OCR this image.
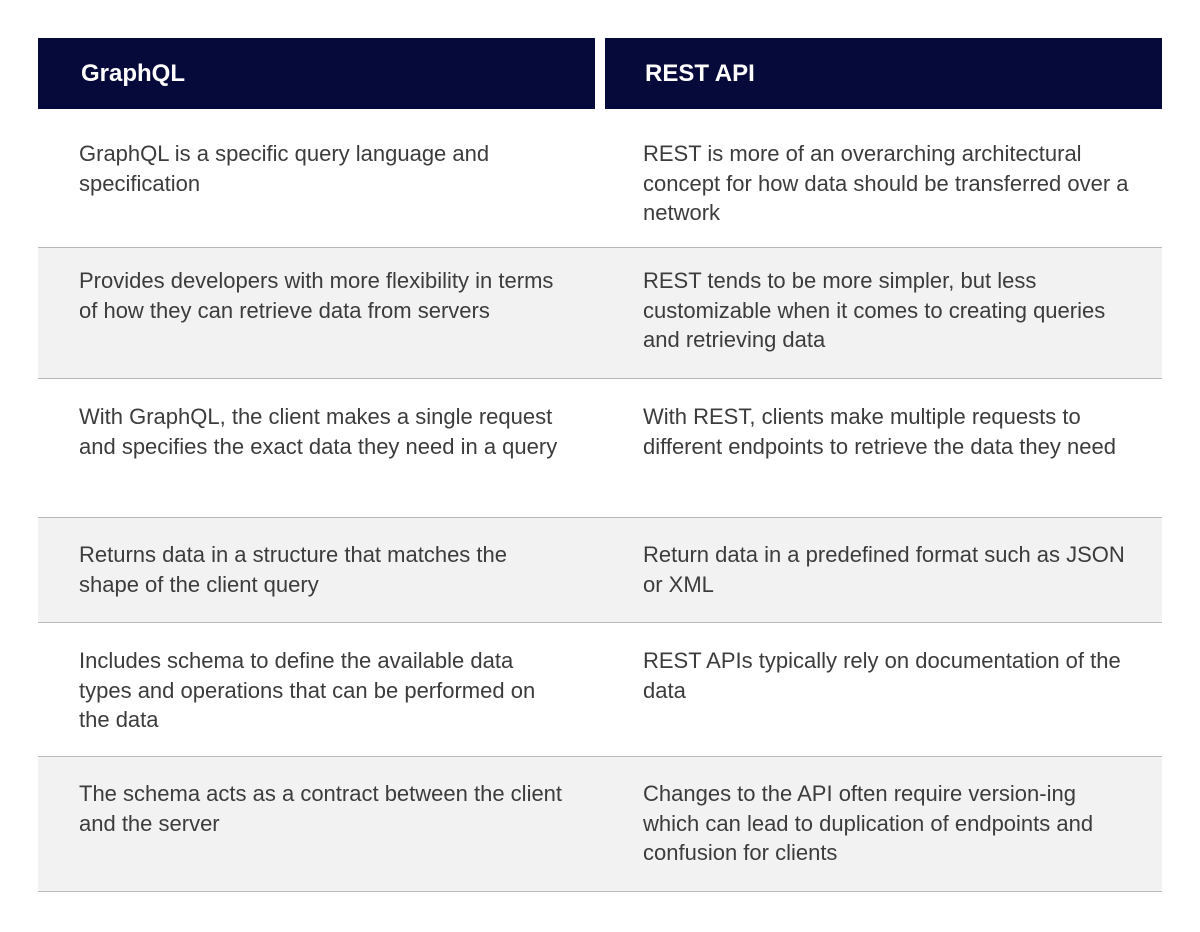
GraphQL	REST API
GraphQL is a specific query language and specification
REST is more of an overarching architectural concept for how data should be transferred over a network
Provides developers with more flexibility in terms of how they can retrieve data from servers
REST tends to be more simpler, but less customizable when it comes to creating queries and retrieving data
With GraphQL, the client makes a single request and specifies the exact data they need in a query
With REST, clients make multiple requests to different endpoints to retrieve the data they need
Returns data in a structure that matches the shape of the client query
Return data in a predefined format such as JSON or XML
Includes schema to define the available data types and operations that can be performed on the data
REST APIs typically rely on documentation of the data
The schema acts as a contract between the client and the server
Changes to the API often require version-ing which can lead to duplication of endpoints and confusion for clients
